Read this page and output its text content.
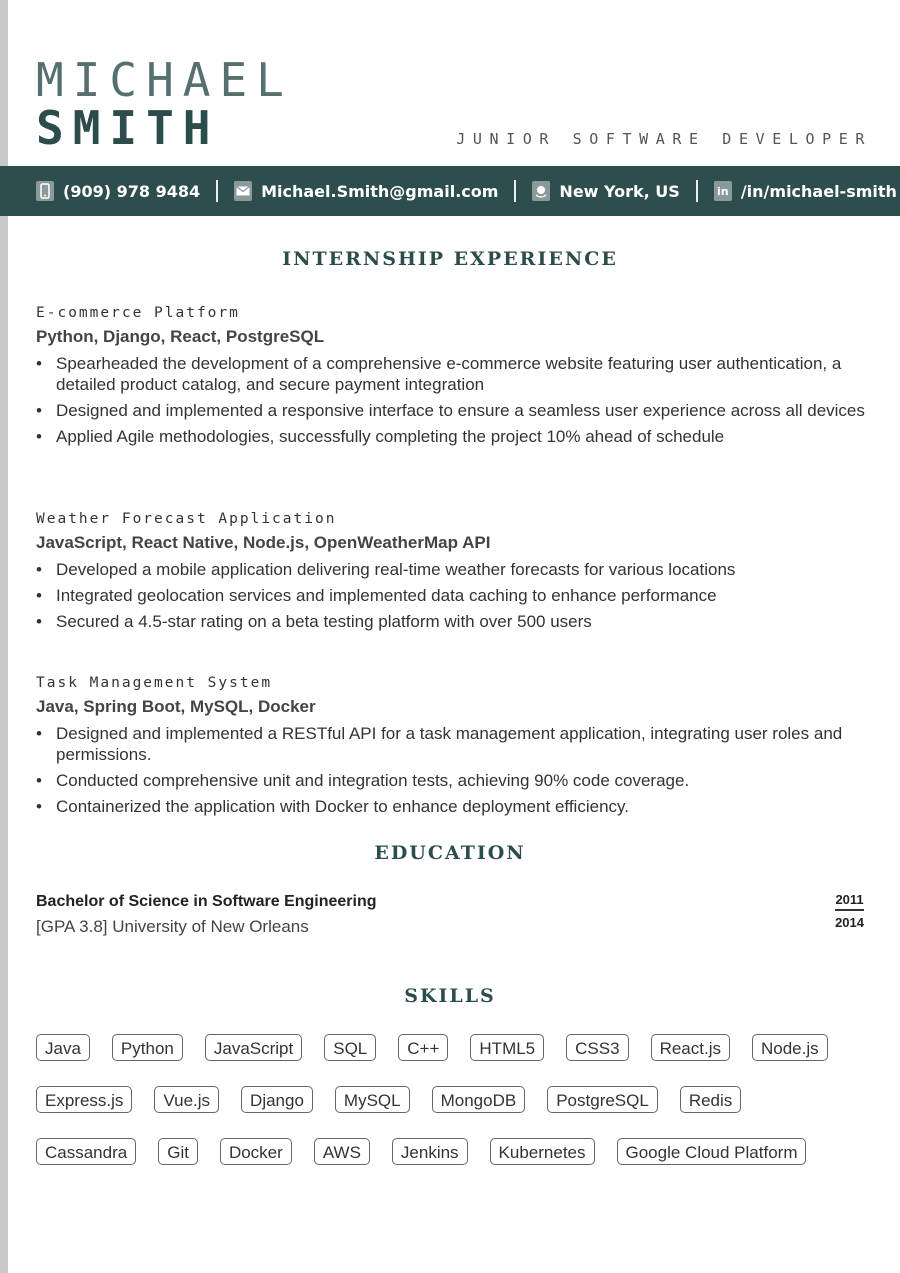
MICHAEL
SMITH	JUNIOR SOFTWARE DEVELOPER
(909) 978 9484	Michael.Smith@gmail.com	New York, US	in /in/michael-smith
INTERNSHIP EXPERIENCE
E-commerce Platform
Python, Django, React, PostgreSQL
• Spearheaded the development of a comprehensive e-commerce website featuring user authentication, a detailed product catalog, and secure payment integration
• Designed and implemented a responsive interface to ensure a seamless user experience across all devices
• Applied Agile methodologies, successfully completing the project 10% ahead of schedule
Weather Forecast Application
JavaScript, React Native, Node.js, OpenWeatherMap API
• Developed a mobile application delivering real-time weather forecasts for various locations
• Integrated geolocation services and implemented data caching to enhance performance
• Secured a 4.5-star rating on a beta testing platform with over 500 users
Task Management System
Java, Spring Boot, MySQL, Docker
• Designed and implemented a RESTful API for a task management application, integrating user roles and permissions.
• Conducted comprehensive unit and integration tests, achieving 90% code coverage.
• Containerized the application with Docker to enhance deployment efficiency.
EDUCATION
Bachelor of Science in Software Engineering
[GPA 3.8] University of New Orleans
2011
2014
SKILLS
Java	Python	JavaScript	SQL	C++	HTML5	CSS3	React.js	Node.js
Express.js	Vue.js	Django	MySQL	MongoDB	PostgreSQL	Redis
Cassandra	Git	Docker	AWS	Jenkins	Kubernetes	Google Cloud Platform
